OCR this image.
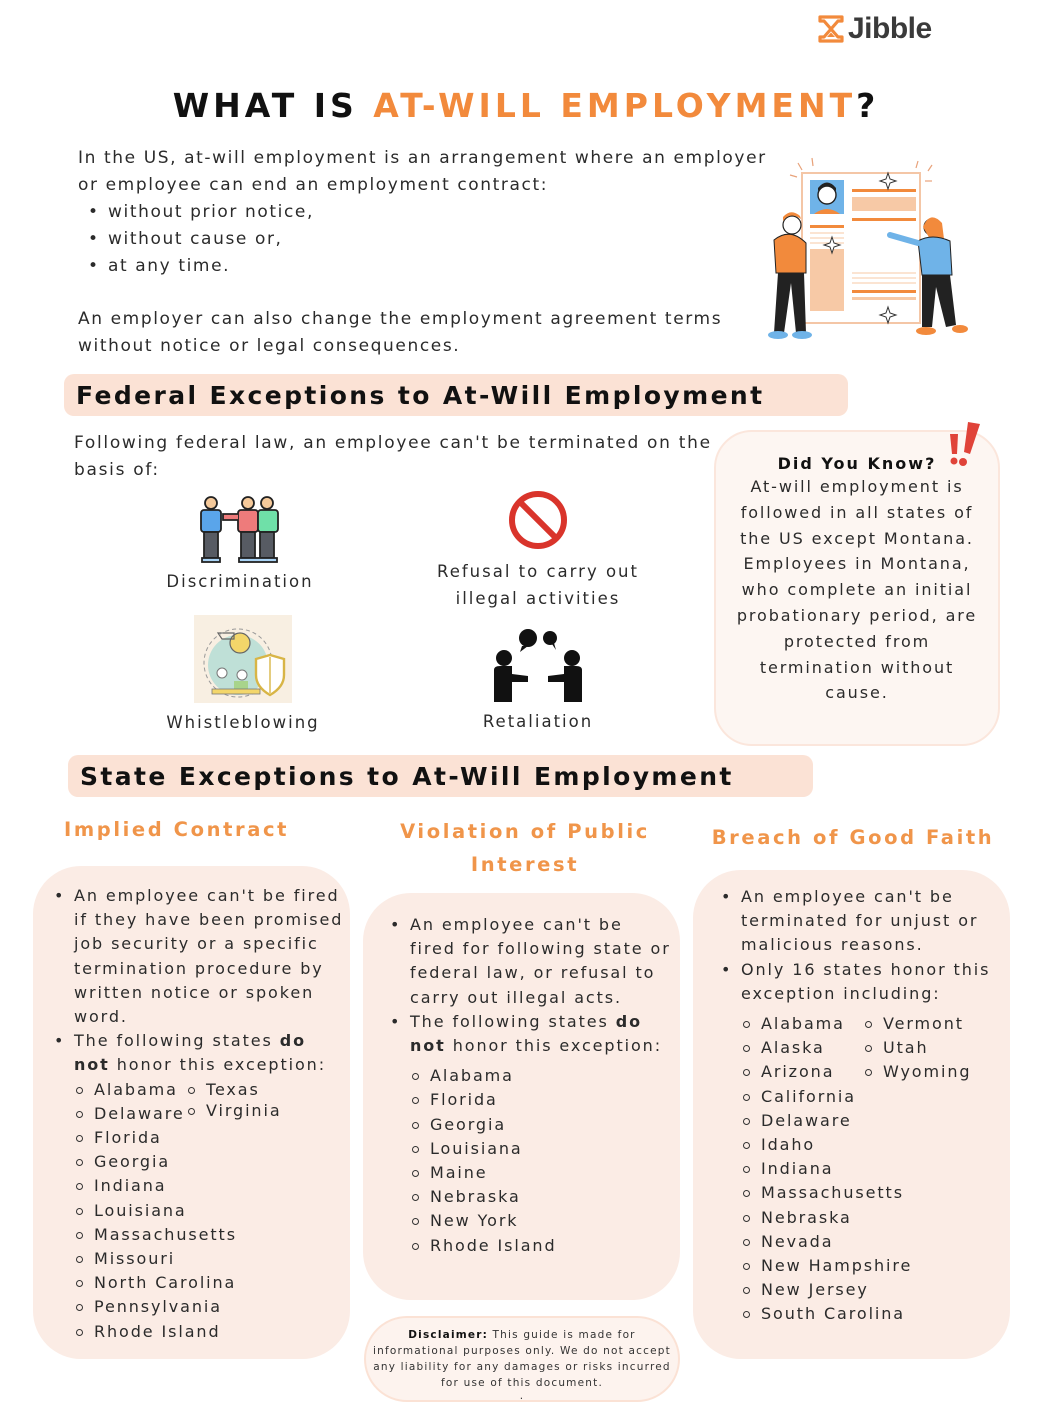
Jibble
WHAT IS AT-WILL EMPLOYMENT?

In the US, at-will employment is an arrangement where an employer or employee can end an employment contract:

• without prior notice,
• without cause or,
• at any time.

An employer can also change the employment agreement terms without notice or legal consequences.

Federal Exceptions to At-Will Employment

Following federal law, an employee can't be terminated on the basis of:

Discrimination
Refusal to carry out illegal activities
Whistleblowing	Retaliation
Did You Know?

At-will employment is followed in all states of the US except Montana. Employees in Montana, who complete an initial probationary period, are protected from termination without cause.

State Exceptions to At-Will Employment
Implied Contract
• An employee can't be fired if they have been promised job security or a specific termination procedure by written notice or spoken word.
• The following states do not honor this exception:
Alabama
Delaware
Florida
Georgia
Indiana
Louisiana
Massachusetts
Missouri
North Carolina
Pennsylvania
Rhode Island
Texas
Virginia
Violation of Public Interest
• An employee can't be fired for following state or federal law, or refusal to carry out illegal acts.
• The following states do not honor this exception:
Alabama
Florida
Georgia
Louisiana
Maine
Nebraska
New York
Rhode Island
Breach of Good Faith
• An employee can't be terminated for unjust or malicious reasons.
• Only 16 states honor this exception including:
Alabama
Alaska
Arizona
California
Delaware
Idaho
Indiana
Massachusetts
Nebraska
Nevada
New Hampshire
New Jersey
South Carolina
Vermont
Utah
Wyoming

Disclaimer: This guide is made for informational purposes only. We do not accept any liability for any damages or risks incurred for use of this document.

.
